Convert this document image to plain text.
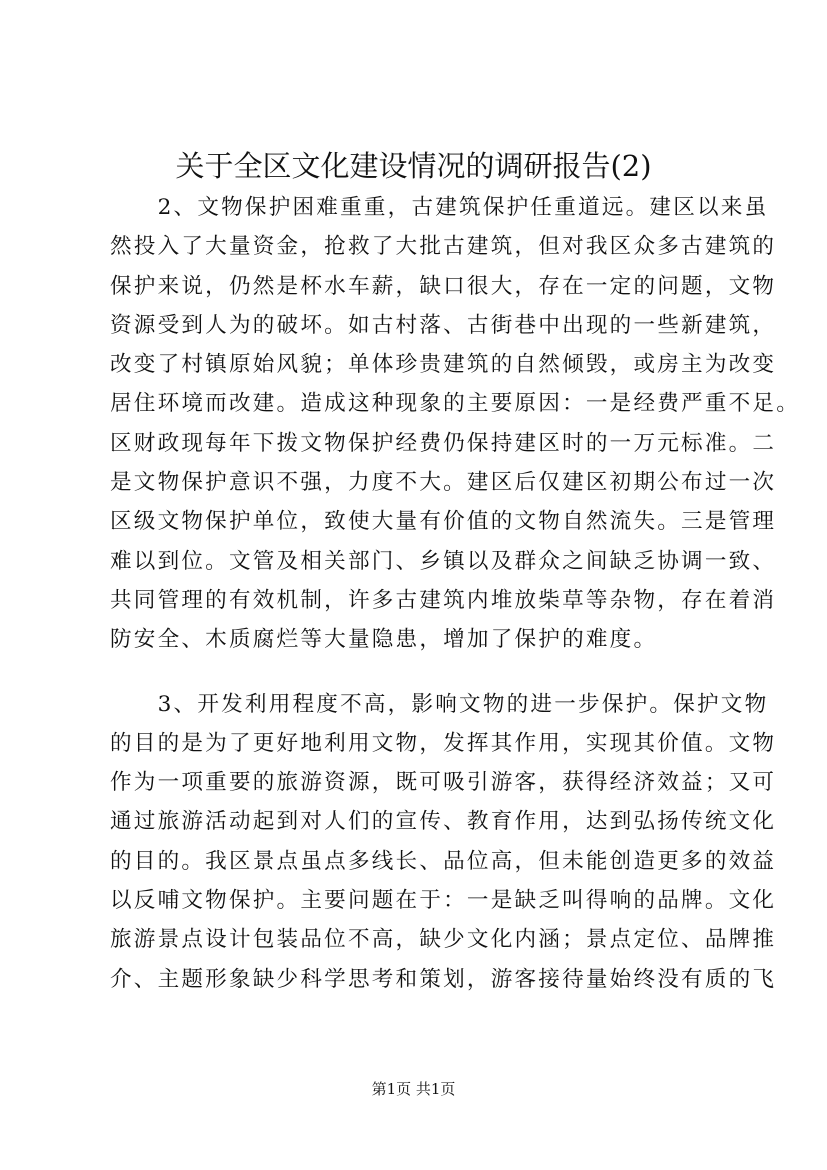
关于全区文化建设情况的调研报告(2)
　　2、文物保护困难重重，古建筑保护任重道远。建区以来虽
然投入了大量资金，抢救了大批古建筑，但对我区众多古建筑的
保护来说，仍然是杯水车薪，缺口很大，存在一定的问题，文物
资源受到人为的破坏。如古村落、古街巷中出现的一些新建筑，
改变了村镇原始风貌；单体珍贵建筑的自然倾毁，或房主为改变
居住环境而改建。造成这种现象的主要原因：一是经费严重不足。
区财政现每年下拨文物保护经费仍保持建区时的一万元标准。二
是文物保护意识不强，力度不大。建区后仅建区初期公布过一次
区级文物保护单位，致使大量有价值的文物自然流失。三是管理
难以到位。文管及相关部门、乡镇以及群众之间缺乏协调一致、
共同管理的有效机制，许多古建筑内堆放柴草等杂物，存在着消
防安全、木质腐烂等大量隐患，增加了保护的难度。
　　3、开发利用程度不高，影响文物的进一步保护。保护文物
的目的是为了更好地利用文物，发挥其作用，实现其价值。文物
作为一项重要的旅游资源，既可吸引游客，获得经济效益；又可
通过旅游活动起到对人们的宣传、教育作用，达到弘扬传统文化
的目的。我区景点虽点多线长、品位高，但未能创造更多的效益
以反哺文物保护。主要问题在于：一是缺乏叫得响的品牌。文化
旅游景点设计包装品位不高，缺少文化内涵；景点定位、品牌推
介、主题形象缺少科学思考和策划，游客接待量始终没有质的飞
第1页 共1页
